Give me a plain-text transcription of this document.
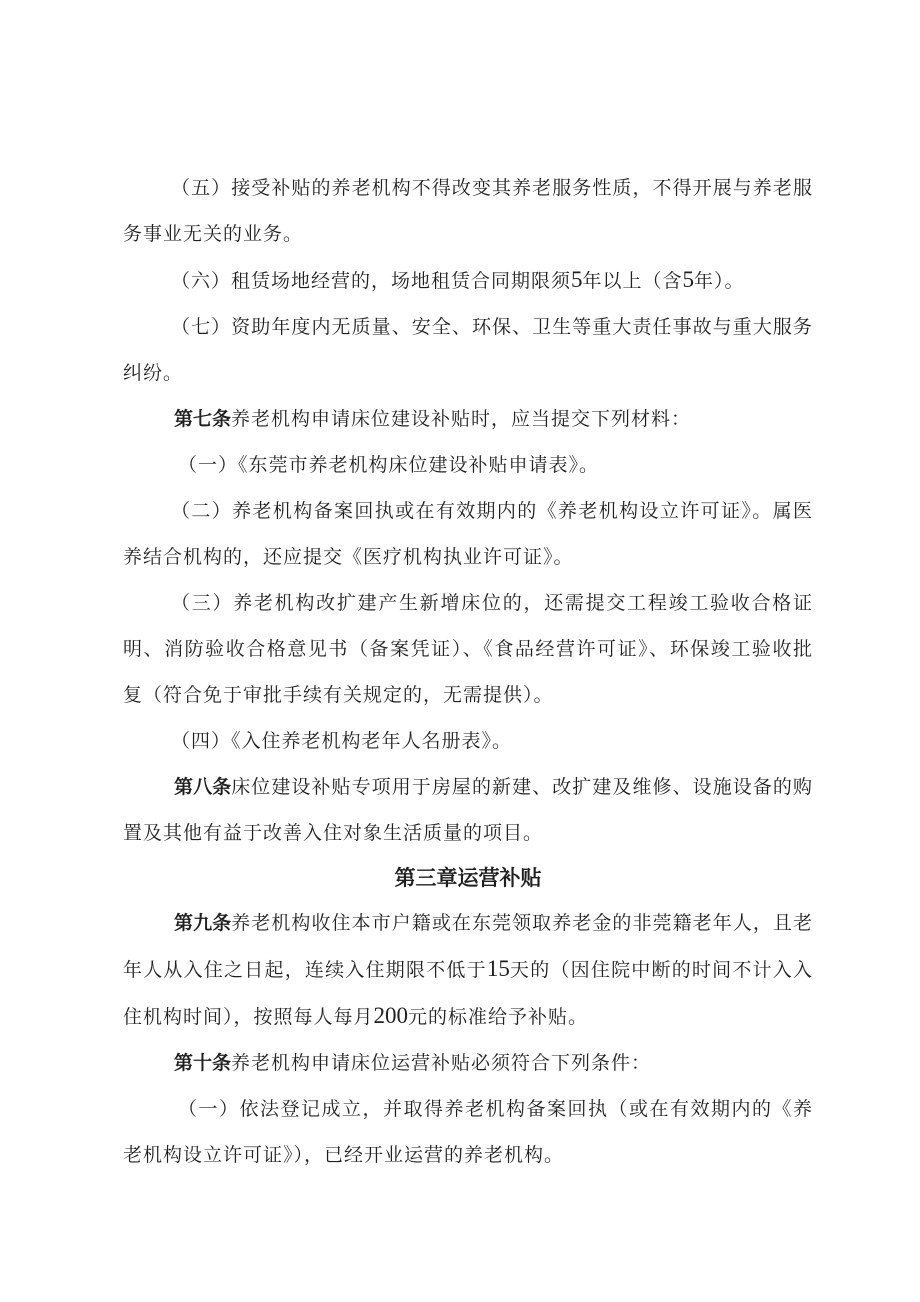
（五）接受补贴的养老机构不得改变其养老服务性质，不得开展与养老服务事业无关的业务。

（六）租赁场地经营的，场地租赁合同期限须5年以上（含5年）。

（七）资助年度内无质量、安全、环保、卫生等重大责任事故与重大服务纠纷。

第七条养老机构申请床位建设补贴时，应当提交下列材料：

（一）《东莞市养老机构床位建设补贴申请表》。

（二）养老机构备案回执或在有效期内的《养老机构设立许可证》。属医养结合机构的，还应提交《医疗机构执业许可证》。

（三）养老机构改扩建产生新增床位的，还需提交工程竣工验收合格证明、消防验收合格意见书（备案凭证）、《食品经营许可证》、环保竣工验收批复（符合免于审批手续有关规定的，无需提供）。

（四）《入住养老机构老年人名册表》。

第八条床位建设补贴专项用于房屋的新建、改扩建及维修、设施设备的购置及其他有益于改善入住对象生活质量的项目。

第三章运营补贴

第九条养老机构收住本市户籍或在东莞领取养老金的非莞籍老年人，且老年人从入住之日起，连续入住期限不低于15天的（因住院中断的时间不计入入住机构时间），按照每人每月200元的标准给予补贴。

第十条养老机构申请床位运营补贴必须符合下列条件：

（一）依法登记成立，并取得养老机构备案回执（或在有效期内的《养老机构设立许可证》），已经开业运营的养老机构。
